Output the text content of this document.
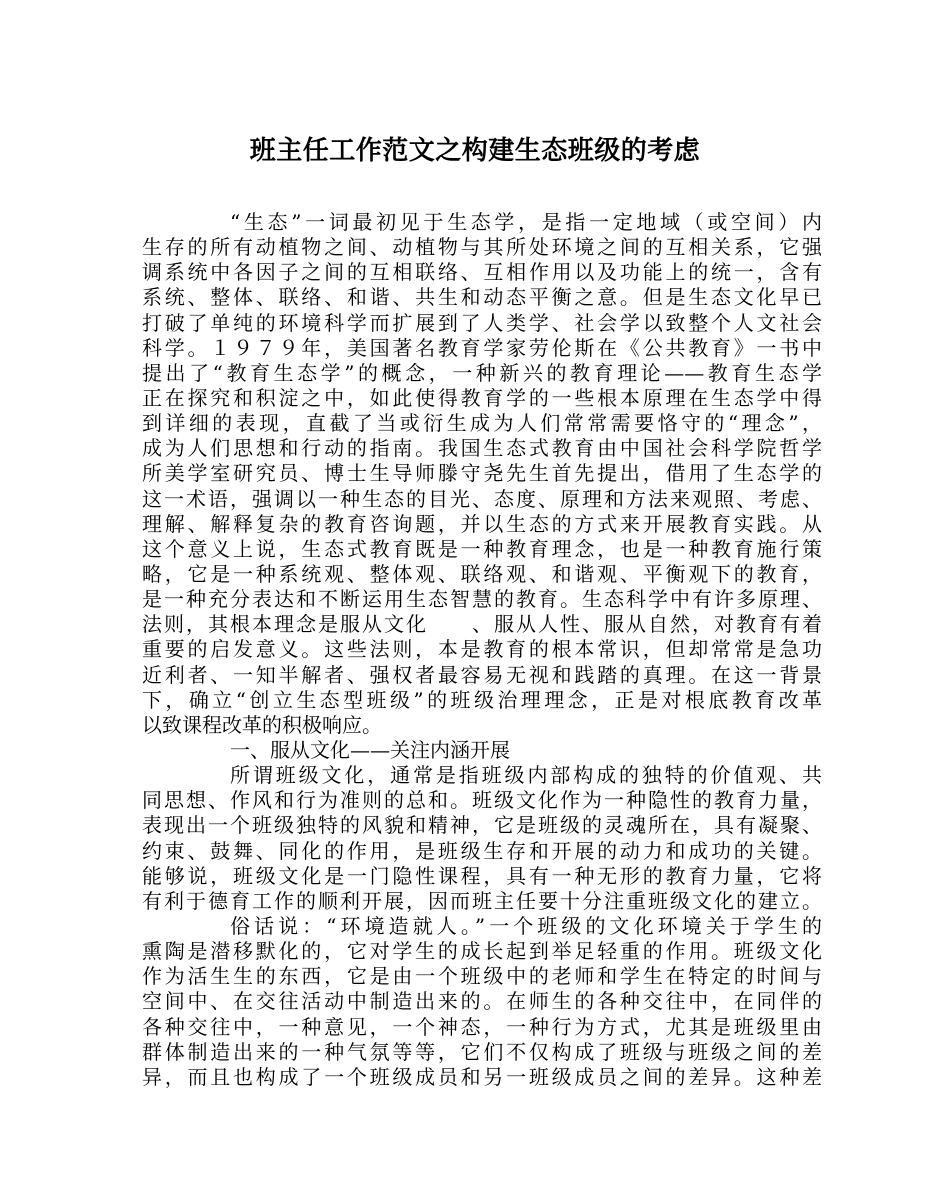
班主任工作范文之构建生态班级的考虑
“生态”一词最初见于生态学，是指一定地域（或空间）内
生存的所有动植物之间、动植物与其所处环境之间的互相关系，它强
调系统中各因子之间的互相联络、互相作用以及功能上的统一，含有
系统、整体、联络、和谐、共生和动态平衡之意。但是生态文化早已
打破了单纯的环境科学而扩展到了人类学、社会学以致整个人文社会
科学。１９７９年，美国著名教育学家劳伦斯在《公共教育》一书中
提出了“教育生态学”的概念，一种新兴的教育理论——教育生态学
正在探究和积淀之中，如此使得教育学的一些根本原理在生态学中得
到详细的表现，直截了当或衍生成为人们常常需要恪守的“理念”，
成为人们思想和行动的指南。我国生态式教育由中国社会科学院哲学
所美学室研究员、博士生导师滕守尧先生首先提出，借用了生态学的
这一术语，强调以一种生态的目光、态度、原理和方法来观照、考虑、
理解、解释复杂的教育咨询题，并以生态的方式来开展教育实践。从
这个意义上说，生态式教育既是一种教育理念，也是一种教育施行策
略，它是一种系统观、整体观、联络观、和谐观、平衡观下的教育，
是一种充分表达和不断运用生态智慧的教育。生态科学中有许多原理、
法则，其根本理念是服从文化　　、服从人性、服从自然，对教育有着
重要的启发意义。这些法则，本是教育的根本常识，但却常常是急功
近利者、一知半解者、强权者最容易无视和践踏的真理。在这一背景
下，确立“创立生态型班级”的班级治理理念，正是对根底教育改革
以致课程改革的积极响应。
一、服从文化——关注内涵开展
所谓班级文化，通常是指班级内部构成的独特的价值观、共
同思想、作风和行为准则的总和。班级文化作为一种隐性的教育力量，
表现出一个班级独特的风貌和精神，它是班级的灵魂所在，具有凝聚、
约束、鼓舞、同化的作用，是班级生存和开展的动力和成功的关键。
能够说，班级文化是一门隐性课程，具有一种无形的教育力量，它将
有利于德育工作的顺利开展，因而班主任要十分注重班级文化的建立。
俗话说：“环境造就人。”一个班级的文化环境关于学生的
熏陶是潜移默化的，它对学生的成长起到举足轻重的作用。班级文化
作为活生生的东西，它是由一个班级中的老师和学生在特定的时间与
空间中、在交往活动中制造出来的。在师生的各种交往中，在同伴的
各种交往中，一种意见，一个神态，一种行为方式，尤其是班级里由
群体制造出来的一种气氛等等，它们不仅构成了班级与班级之间的差
异，而且也构成了一个班级成员和另一班级成员之间的差异。这种差
